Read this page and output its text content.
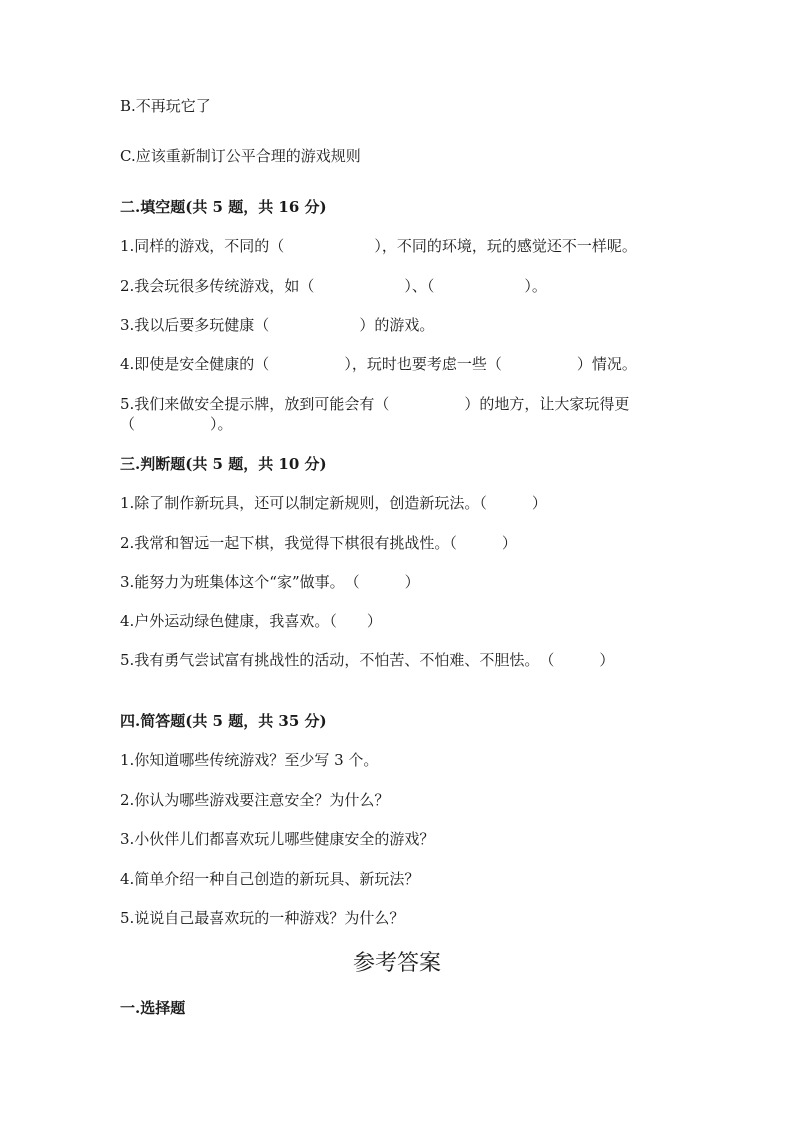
B.不再玩它了
C.应该重新制订公平合理的游戏规则
二.填空题(共 5 题，共 16 分)
1.同样的游戏，不同的（　　　　　　），不同的环境，玩的感觉还不一样呢。
2.我会玩很多传统游戏，如（　　　　　　）、（　　　　　　）。
3.我以后要多玩健康（　　　　　　）的游戏。
4.即使是安全健康的（　　　　　），玩时也要考虑一些（　　　　　）情况。
5.我们来做安全提示牌，放到可能会有（　　　　　）的地方，让大家玩得更
（　　　　　）。
三.判断题(共 5 题，共 10 分)
1.除了制作新玩具，还可以制定新规则，创造新玩法。（　　　）
2.我常和智远一起下棋，我觉得下棋很有挑战性。（　　　）
3.能努力为班集体这个“家”做事。　（　　　）
4.户外运动绿色健康，我喜欢。（　　）
5.我有勇气尝试富有挑战性的活动，不怕苦、不怕难、不胆怯。　（　　　）
四.简答题(共 5 题，共 35 分)
1.你知道哪些传统游戏？至少写 3 个。
2.你认为哪些游戏要注意安全？为什么？
3.小伙伴儿们都喜欢玩儿哪些健康安全的游戏？
4.简单介绍一种自己创造的新玩具、新玩法？
5.说说自己最喜欢玩的一种游戏？为什么？
参考答案
一.选择题
